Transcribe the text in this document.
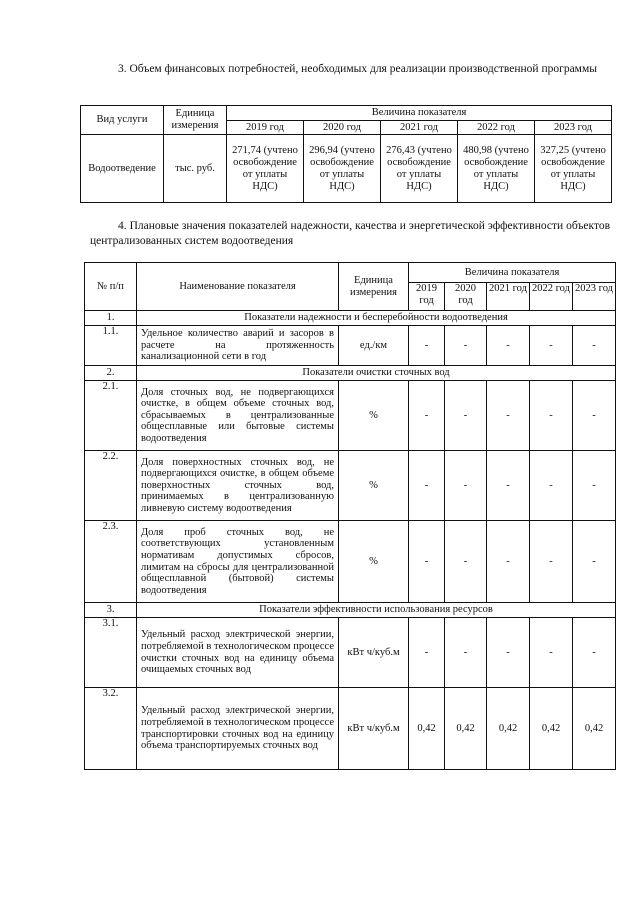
3. Объем финансовых потребностей, необходимых для реализации производственной программы
Вид услуги	Единица измерения	Величина показателя				
		2019 год	2020 год	2021 год	2022 год	2023 год
Водоотведение	тыс. руб.	271,74 (учтено освобождение от уплаты НДС)	296,94 (учтено освобождение от уплаты НДС)	276,43 (учтено освобождение от уплаты НДС)	480,98 (учтено освобождение от уплаты НДС)	327,25 (учтено освобождение от уплаты НДС)
4. Плановые значения показателей надежности, качества и энергетической эффективности объектов централизованных систем водоотведения
№ п/п	Наименование показателя	Единица измерения	Величина показателя				
			2019 год	2020 год	2021 год	2022 год	2023 год
1.	Показатели надежности и бесперебойности водоотведения						
1.1.	Удельное количество аварий и засоров в расчете на протяженность канализационной сети в год	ед./км	-	-	-	-	-
2.	Показатели очистки сточных вод						
2.1.	Доля сточных вод, не подвергающихся очистке, в общем объеме сточных вод, сбрасываемых в централизованные общесплавные или бытовые системы водоотведения	%	-	-	-	-	-
2.2.	Доля поверхностных сточных вод, не подвергающихся очистке, в общем объеме поверхностных сточных вод, принимаемых в централизованную ливневую систему водоотведения	%	-	-	-	-	-
2.3.	Доля проб сточных вод, не соответствующих установленным нормативам допустимых сбросов, лимитам на сбросы для централизованной общесплавной (бытовой) системы водоотведения	%	-	-	-	-	-
3.	Показатели эффективности использования ресурсов						
3.1.	Удельный расход электрической энергии, потребляемой в технологическом процессе очистки сточных вод на единицу объема очищаемых сточных вод	кВт ч/куб.м	-	-	-	-	-
3.2.	Удельный расход электрической энергии, потребляемой в технологическом процессе транспортировки сточных вод на единицу объема транспортируемых сточных вод	кВт ч/куб.м	0,42	0,42	0,42	0,42	0,42
